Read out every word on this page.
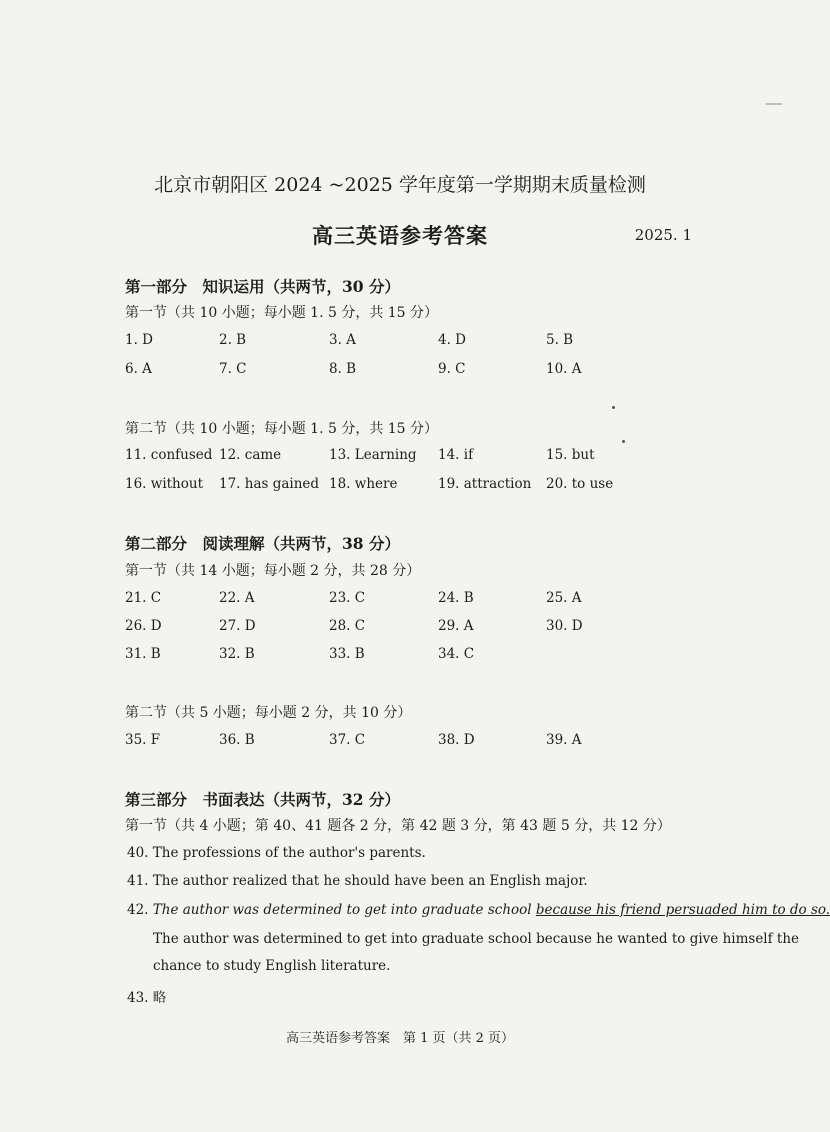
北京市朝阳区 2024 ~2025 学年度第一学期期末质量检测
高三英语参考答案	2025. 1
第一部分　知识运用（共两节，30 分）
第一节（共 10 小题；每小题 1. 5 分，共 15 分）
1. D	2. B	3. A	4. D	5. B
6. A	7. C	8. B	9. C	10. A
第二节（共 10 小题；每小题 1. 5 分，共 15 分）
11. confused 12. came	13. Learning 14. if	15. but
16. without 17. has gained 18. where	19. attraction 20. to use
第二部分　阅读理解（共两节，38 分）
第一节（共 14 小题；每小题 2 分，共 28 分）
21. C	22. A	23. C	24. B	25. A
26. D	27. D	28. C	29. A	30. D
31. B	32. B	33. B	34. C
第二节（共 5 小题；每小题 2 分，共 10 分）
35. F	36. B	37. C	38. D	39. A
第三部分　书面表达（共两节，32 分）
第一节（共 4 小题；第 40、41 题各 2 分，第 42 题 3 分，第 43 题 5 分，共 12 分）
40. The professions of the author's parents.
41. The author realized that he should have been an English major.
42. The author was determined to get into graduate school because his friend persuaded him to do so.
The author was determined to get into graduate school because he wanted to give himself the
chance to study English literature.
43. 略
高三英语参考答案　第 1 页（共 2 页）
